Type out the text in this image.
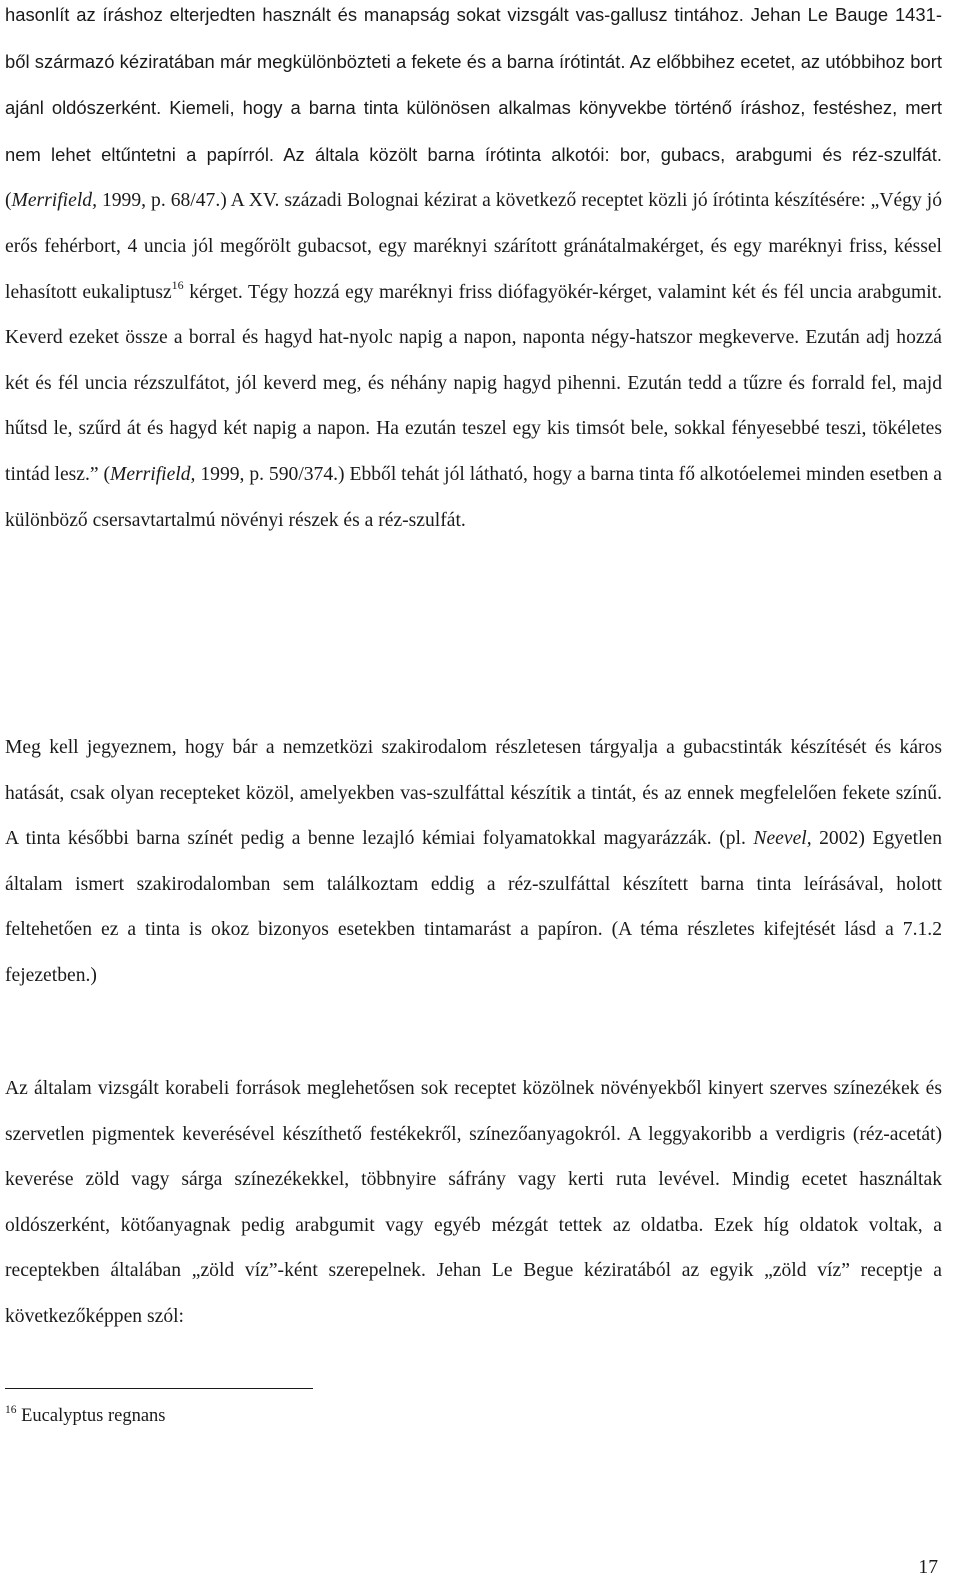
hasonlít az íráshoz elterjedten használt és manapság sokat vizsgált vas-gallusz tintához. Jehan Le Bauge 1431-ből származó kéziratában már megkülönbözteti a fekete és a barna írótintát. Az előbbihez ecetet, az utóbbihoz bort ajánl oldószerként. Kiemeli, hogy a barna tinta különösen alkalmas könyvekbe történő íráshoz, festéshez, mert nem lehet eltűntetni a papírról. Az általa közölt barna írótinta alkotói: bor, gubacs, arabgumi és réz-szulfát. (Merrifield, 1999, p. 68/47.) A XV. századi Bolognai kézirat a következő receptet közli jó írótinta készítésére: „Végy jó erős fehérbort, 4 uncia jól megőrölt gubacsot, egy maréknyi szárított gránátalmakérget, és egy maréknyi friss, késsel lehasított eukaliptusz$^{16}$ kérget. Tégy hozzá egy maréknyi friss diófagyökér-kérget, valamint két és fél uncia arabgumit. Keverd ezeket össze a borral és hagyd hat-nyolc napig a napon, naponta négy-hatszor megkeverve. Ezután adj hozzá két és fél uncia rézszulfátot, jól keverd meg, és néhány napig hagyd pihenni. Ezután tedd a tűzre és forrald fel, majd hűtsd le, szűrd át és hagyd két napig a napon. Ha ezután teszel egy kis timsót bele, sokkal fényesebbé teszi, tökéletes tintád lesz.” (Merrifield, 1999, p. 590/374.) Ebből tehát jól látható, hogy a barna tinta fő alkotóelemei minden esetben a különböző csersavtartalmú növényi részek és a réz-szulfát.

Meg kell jegyeznem, hogy bár a nemzetközi szakirodalom részletesen tárgyalja a gubacstinták készítését és káros hatását, csak olyan recepteket közöl, amelyekben vas-szulfáttal készítik a tintát, és az ennek megfelelően fekete színű. A tinta későbbi barna színét pedig a benne lezajló kémiai folyamatokkal magyarázzák. (pl. Neevel, 2002) Egyetlen általam ismert szakirodalomban sem találkoztam eddig a réz-szulfáttal készített barna tinta leírásával, holott feltehetően ez a tinta is okoz bizonyos esetekben tintamarást a papíron. (A téma részletes kifejtését lásd a 7.1.2 fejezetben.)

Az általam vizsgált korabeli források meglehetősen sok receptet közölnek növényekből kinyert szerves színezékek és szervetlen pigmentek keverésével készíthető festékekről, színezőanyagokról. A leggyakoribb a verdigris (réz-acetát) keverése zöld vagy sárga színezékekkel, többnyire sáfrány vagy kerti ruta levével. Mindig ecetet használtak oldószerként, kötőanyagnak pedig arabgumit vagy egyéb mézgát tettek az oldatba. Ezek híg oldatok voltak, a receptekben általában „zöld víz”-ként szerepelnek. Jehan Le Begue kéziratából az egyik „zöld víz” receptje a következőképpen szól:

$^{16}$ Eucalyptus regnans

17
